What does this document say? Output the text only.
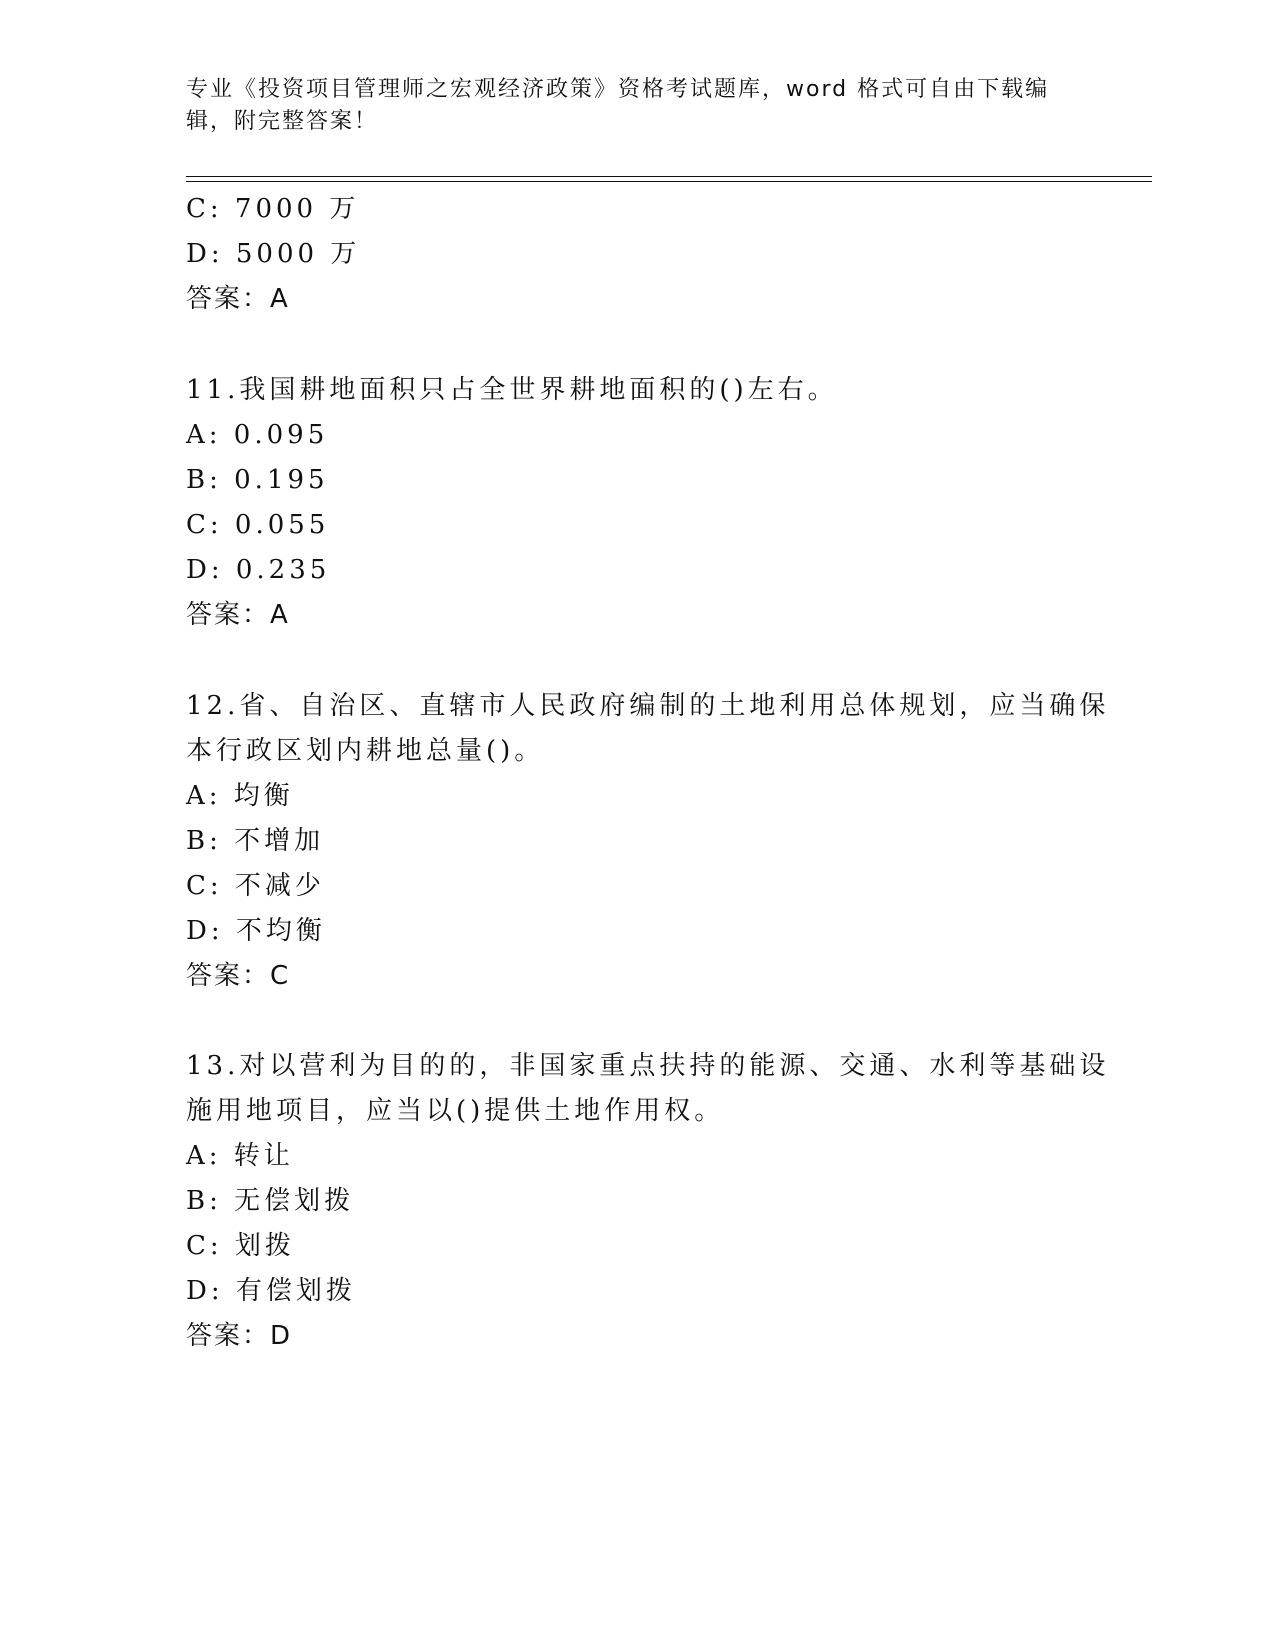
专业《投资项目管理师之宏观经济政策》资格考试题库，word 格式可自由下载编
辑，附完整答案！
C: 7000 万
D: 5000 万
答案：A
11.我国耕地面积只占全世界耕地面积的()左右。
A: 0.095
B: 0.195
C: 0.055
D: 0.235
答案：A
12.省、自治区、直辖市人民政府编制的土地利用总体规划，应当确保
本行政区划内耕地总量()。
A: 均衡
B: 不增加
C: 不减少
D: 不均衡
答案：C
13.对以营利为目的的，非国家重点扶持的能源、交通、水利等基础设
施用地项目，应当以()提供土地作用权。
A: 转让
B: 无偿划拨
C: 划拨
D: 有偿划拨
答案：D
